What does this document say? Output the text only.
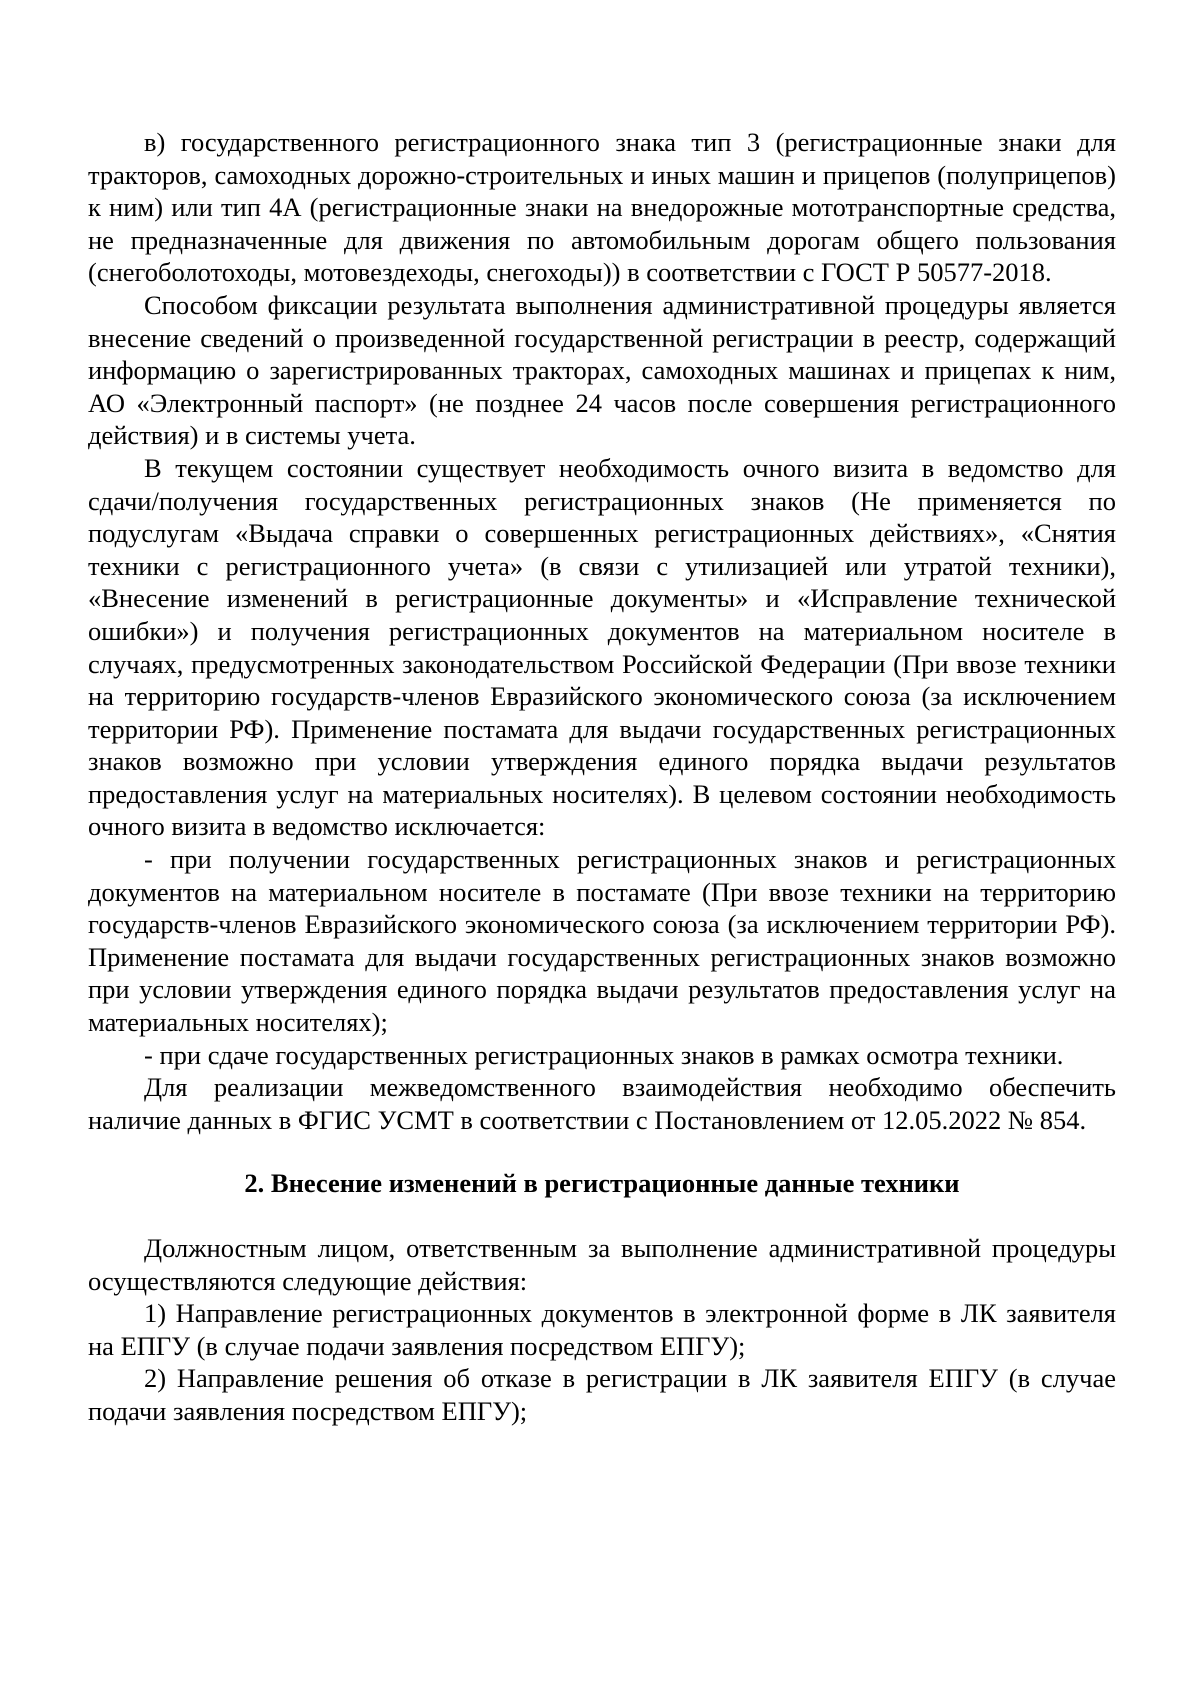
в) государственного регистрационного знака тип 3 (регистрационные знаки для тракторов, самоходных дорожно-строительных и иных машин и прицепов (полуприцепов) к ним) или тип 4А (регистрационные знаки на внедорожные мототранспортные средства, не предназначенные для движения по автомобильным дорогам общего пользования (снегоболотоходы, мотовездеходы, снегоходы)) в соответствии с ГОСТ Р 50577-2018.

Способом фиксации результата выполнения административной процедуры является внесение сведений о произведенной государственной регистрации в реестр, содержащий информацию о зарегистрированных тракторах, самоходных машинах и прицепах к ним, АО «Электронный паспорт» (не позднее 24 часов после совершения регистрационного действия) и в системы учета.

В текущем состоянии существует необходимость очного визита в ведомство для сдачи/получения государственных регистрационных знаков (Не применяется по подуслугам «Выдача справки о совершенных регистрационных действиях», «Снятия техники с регистрационного учета» (в связи с утилизацией или утратой техники), «Внесение изменений в регистрационные документы» и «Исправление технической ошибки») и получения регистрационных документов на материальном носителе в случаях, предусмотренных законодательством Российской Федерации (При ввозе техники на территорию государств-членов Евразийского экономического союза (за исключением территории РФ). Применение постамата для выдачи государственных регистрационных знаков возможно при условии утверждения единого порядка выдачи результатов предоставления услуг на материальных носителях). В целевом состоянии необходимость очного визита в ведомство исключается:

- при получении государственных регистрационных знаков и регистрационных документов на материальном носителе в постамате (При ввозе техники на территорию государств-членов Евразийского экономического союза (за исключением территории РФ). Применение постамата для выдачи государственных регистрационных знаков возможно при условии утверждения единого порядка выдачи результатов предоставления услуг на материальных носителях);

- при сдаче государственных регистрационных знаков в рамках осмотра техники.

Для реализации межведомственного взаимодействия необходимо обеспечить наличие данных в ФГИС УСМТ в соответствии с Постановлением от 12.05.2022 № 854.

2. Внесение изменений в регистрационные данные техники

Должностным лицом, ответственным за выполнение административной процедуры осуществляются следующие действия:

1) Направление регистрационных документов в электронной форме в ЛК заявителя на ЕПГУ (в случае подачи заявления посредством ЕПГУ);

2) Направление решения об отказе в регистрации в ЛК заявителя ЕПГУ (в случае подачи заявления посредством ЕПГУ);
